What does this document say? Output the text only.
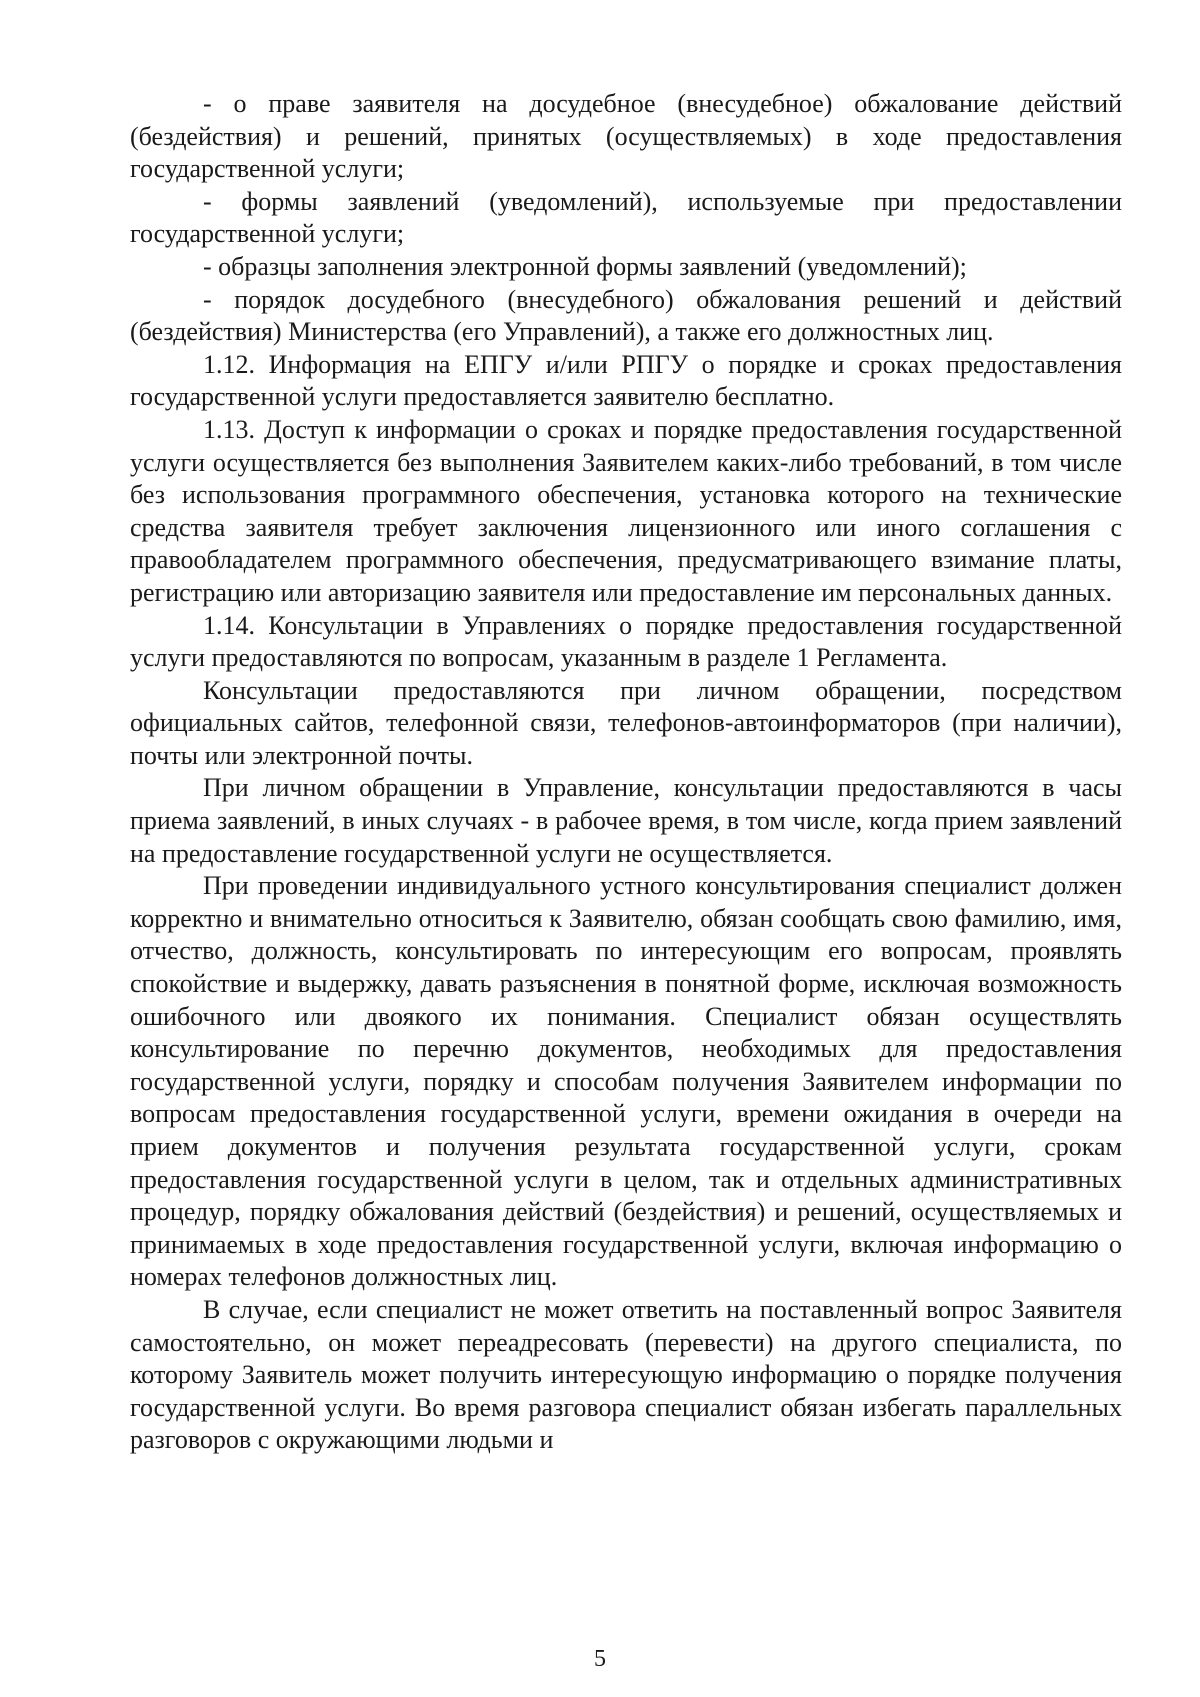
- о праве заявителя на досудебное (внесудебное) обжалование действий (бездействия) и решений, принятых (осуществляемых) в ходе предоставления государственной услуги;

- формы заявлений (уведомлений), используемые при предоставлении государственной услуги;

- образцы заполнения электронной формы заявлений (уведомлений);

- порядок досудебного (внесудебного) обжалования решений и действий (бездействия) Министерства (его Управлений), а также его должностных лиц.

1.12. Информация на ЕПГУ и/или РПГУ о порядке и сроках предоставления государственной услуги предоставляется заявителю бесплатно.

1.13. Доступ к информации о сроках и порядке предоставления государственной услуги осуществляется без выполнения Заявителем каких-либо требований, в том числе без использования программного обеспечения, установка которого на технические средства заявителя требует заключения лицензионного или иного соглашения с правообладателем программного обеспечения, предусматривающего взимание платы, регистрацию или авторизацию заявителя или предоставление им персональных данных.

1.14. Консультации в Управлениях о порядке предоставления государственной услуги предоставляются по вопросам, указанным в разделе 1 Регламента.

Консультации предоставляются при личном обращении, посредством официальных сайтов, телефонной связи, телефонов-автоинформаторов (при наличии), почты или электронной почты.

При личном обращении в Управление, консультации предоставляются в часы приема заявлений, в иных случаях - в рабочее время, в том числе, когда прием заявлений на предоставление государственной услуги не осуществляется.

При проведении индивидуального устного консультирования специалист должен корректно и внимательно относиться к Заявителю, обязан сообщать свою фамилию, имя, отчество, должность, консультировать по интересующим его вопросам, проявлять спокойствие и выдержку, давать разъяснения в понятной форме, исключая возможность ошибочного или двоякого их понимания. Специалист обязан осуществлять консультирование по перечню документов, необходимых для предоставления государственной услуги, порядку и способам получения Заявителем информации по вопросам предоставления государственной услуги, времени ожидания в очереди на прием документов и получения результата государственной услуги, срокам предоставления государственной услуги в целом, так и отдельных административных процедур, порядку обжалования действий (бездействия) и решений, осуществляемых и принимаемых в ходе предоставления государственной услуги, включая информацию о номерах телефонов должностных лиц.

В случае, если специалист не может ответить на поставленный вопрос Заявителя самостоятельно, он может переадресовать (перевести) на другого специалиста, по которому Заявитель может получить интересующую информацию о порядке получения государственной услуги. Во время разговора специалист обязан избегать параллельных разговоров с окружающими людьми и

5
